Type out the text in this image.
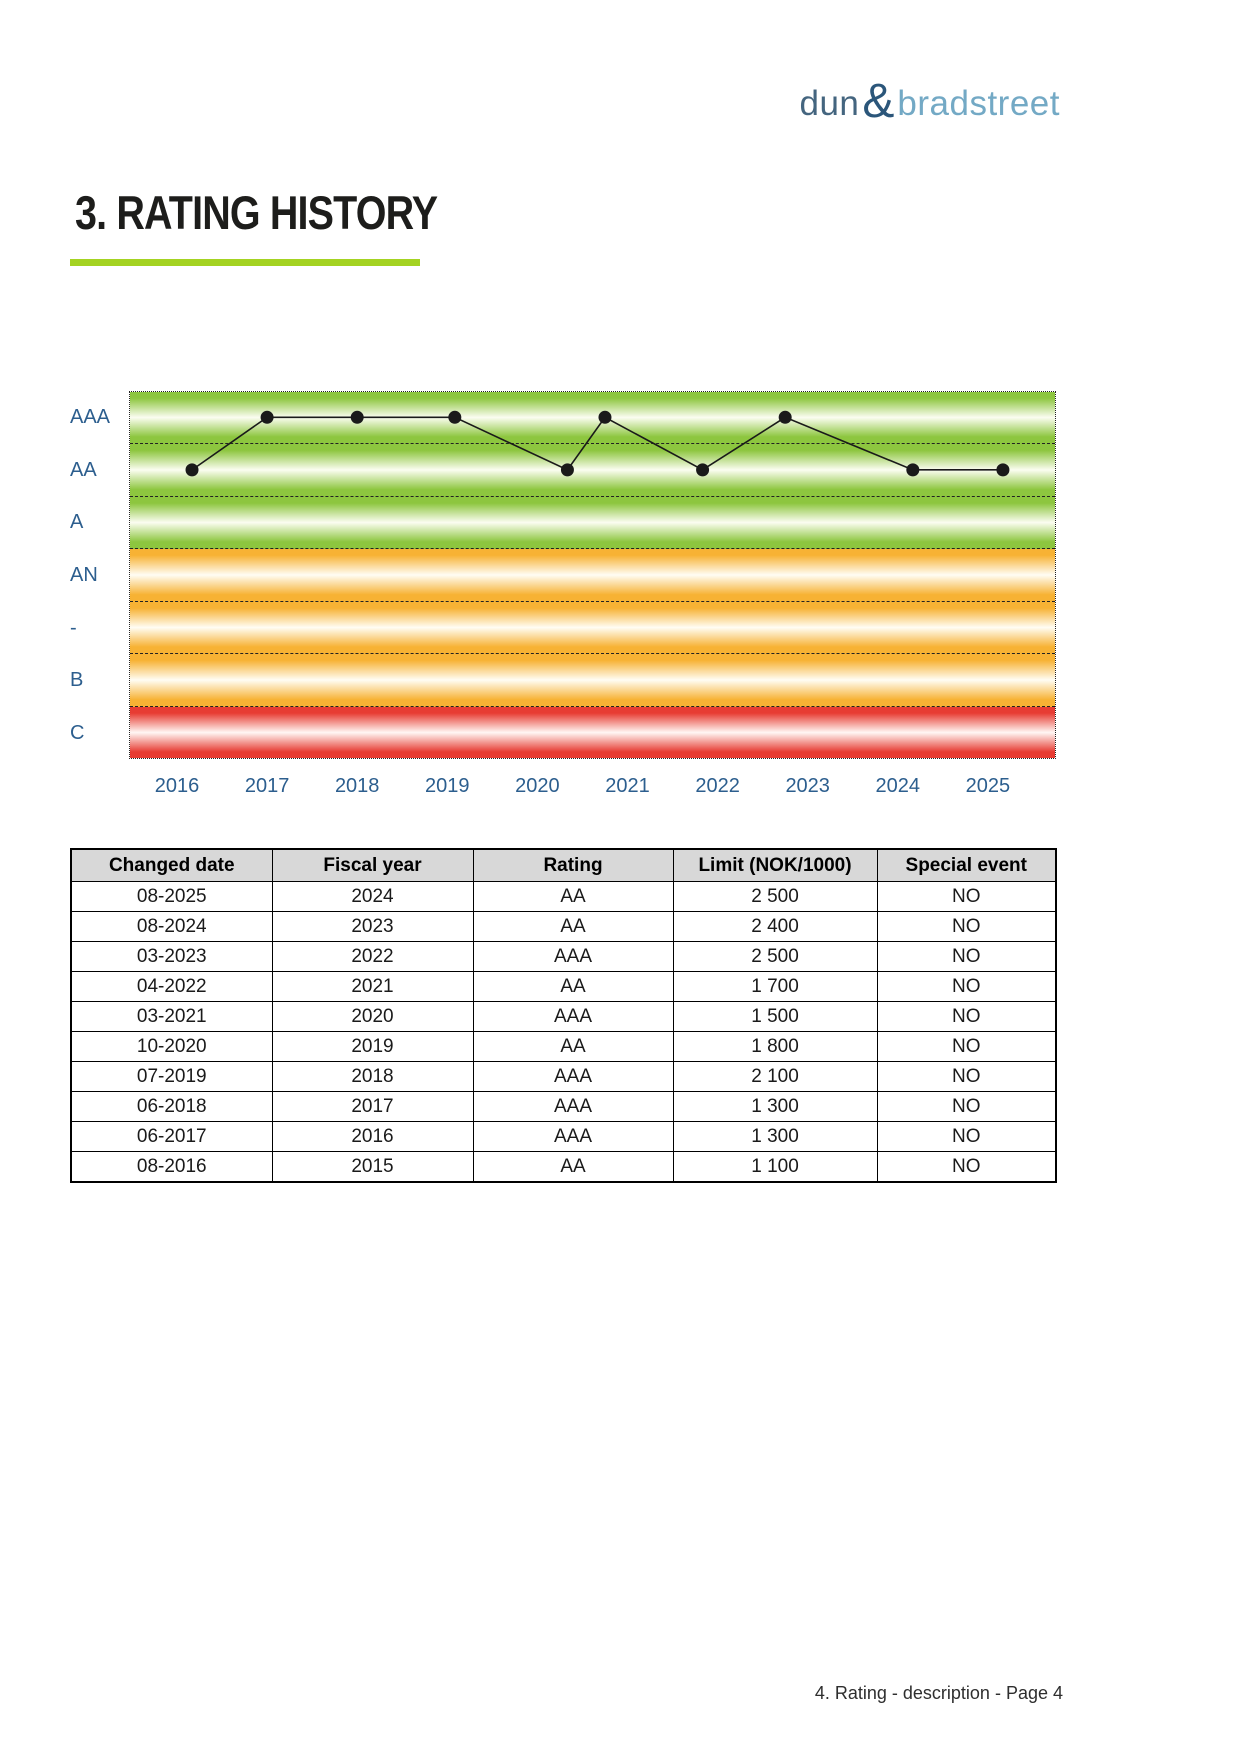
dun & bradstreet
3. RATING HISTORY
AAA
AA
A
AN
-
B
C
2016 2017 2018 2019 2020 2021 2022 2023 2024 2025
Changed date	Fiscal year	Rating	Limit (NOK/1000)	Special event
08-2025	2024	AA	2 500	NO
08-2024	2023	AA	2 400	NO
03-2023	2022	AAA	2 500	NO
04-2022	2021	AA	1 700	NO
03-2021	2020	AAA	1 500	NO
10-2020	2019	AA	1 800	NO
07-2019	2018	AAA	2 100	NO
06-2018	2017	AAA	1 300	NO
06-2017	2016	AAA	1 300	NO
08-2016	2015	AA	1 100	NO
4. Rating - description - Page 4
